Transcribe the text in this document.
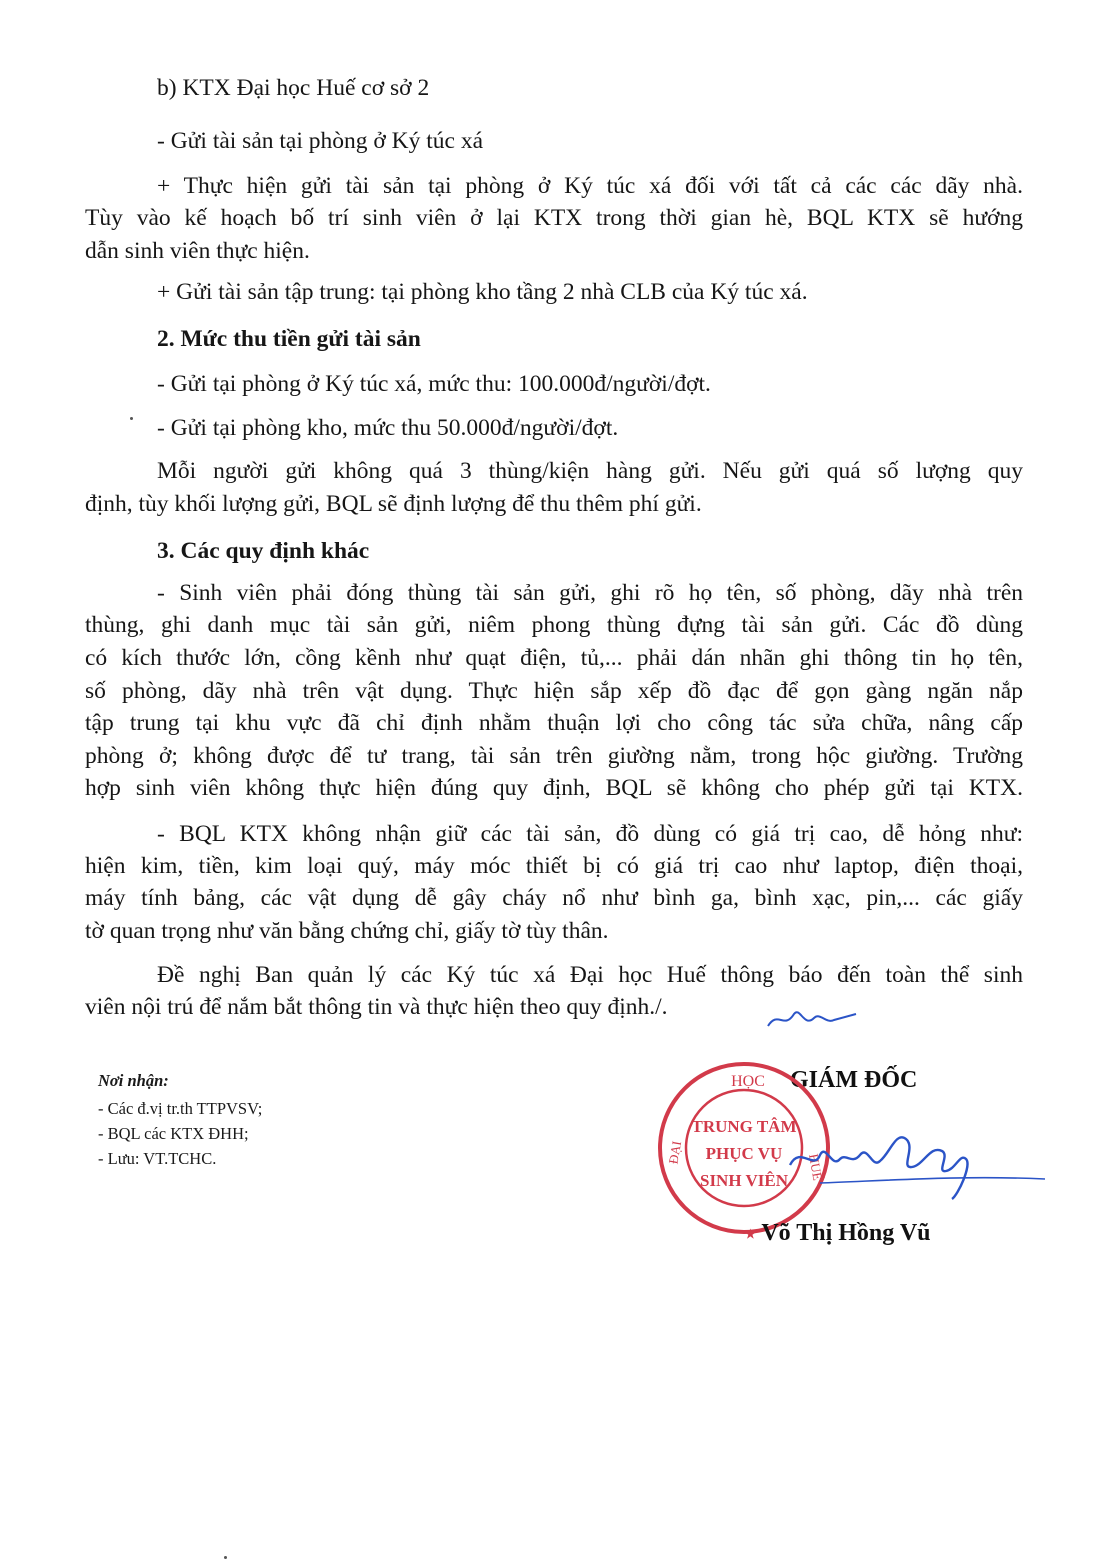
b) KTX Đại học Huế cơ sở 2
- Gửi tài sản tại phòng ở Ký túc xá
+ Thực hiện gửi tài sản tại phòng ở Ký túc xá đối với tất cả các các dãy nhà.
Tùy vào kế hoạch bố trí sinh viên ở lại KTX trong thời gian hè, BQL KTX sẽ hướng
dẫn sinh viên thực hiện.
+ Gửi tài sản tập trung: tại phòng kho tầng 2 nhà CLB của Ký túc xá.
2. Mức thu tiền gửi tài sản
- Gửi tại phòng ở Ký túc xá, mức thu: 100.000đ/người/đợt.
- Gửi tại phòng kho, mức thu 50.000đ/người/đợt.
Mỗi người gửi không quá 3 thùng/kiện hàng gửi. Nếu gửi quá số lượng quy
định, tùy khối lượng gửi, BQL sẽ định lượng để thu thêm phí gửi.
3. Các quy định khác
- Sinh viên phải đóng thùng tài sản gửi, ghi rõ họ tên, số phòng, dãy nhà trên
thùng, ghi danh mục tài sản gửi, niêm phong thùng đựng tài sản gửi. Các đồ dùng
có kích thước lớn, cồng kềnh như quạt điện, tủ,... phải dán nhãn ghi thông tin họ tên,
số phòng, dãy nhà trên vật dụng. Thực hiện sắp xếp đồ đạc để gọn gàng ngăn nắp
tập trung tại khu vực đã chỉ định nhằm thuận lợi cho công tác sửa chữa, nâng cấp
phòng ở; không được để tư trang, tài sản trên giường nằm, trong hộc giường. Trường
hợp sinh viên không thực hiện đúng quy định, BQL sẽ không cho phép gửi tại KTX.
- BQL KTX không nhận giữ các tài sản, đồ dùng có giá trị cao, dễ hỏng như:
hiện kim, tiền, kim loại quý, máy móc thiết bị có giá trị cao như laptop, điện thoại,
máy tính bảng, các vật dụng dễ gây cháy nổ như bình ga, bình xạc, pin,... các giấy
tờ quan trọng như văn bằng chứng chỉ, giấy tờ tùy thân.
Đề nghị Ban quản lý các Ký túc xá Đại học Huế thông báo đến toàn thể sinh
viên nội trú để nắm bắt thông tin và thực hiện theo quy định./.
Nơi nhận:
- Các đ.vị tr.th TTPVSV;
- BQL các KTX ĐHH;
- Lưu: VT.TCHC.
GIÁM ĐỐC
HỌC
ĐẠI
HUẾ
TRUNG TÂM
PHỤC VỤ
SINH VIÊN
★ Võ Thị Hồng Vũ
